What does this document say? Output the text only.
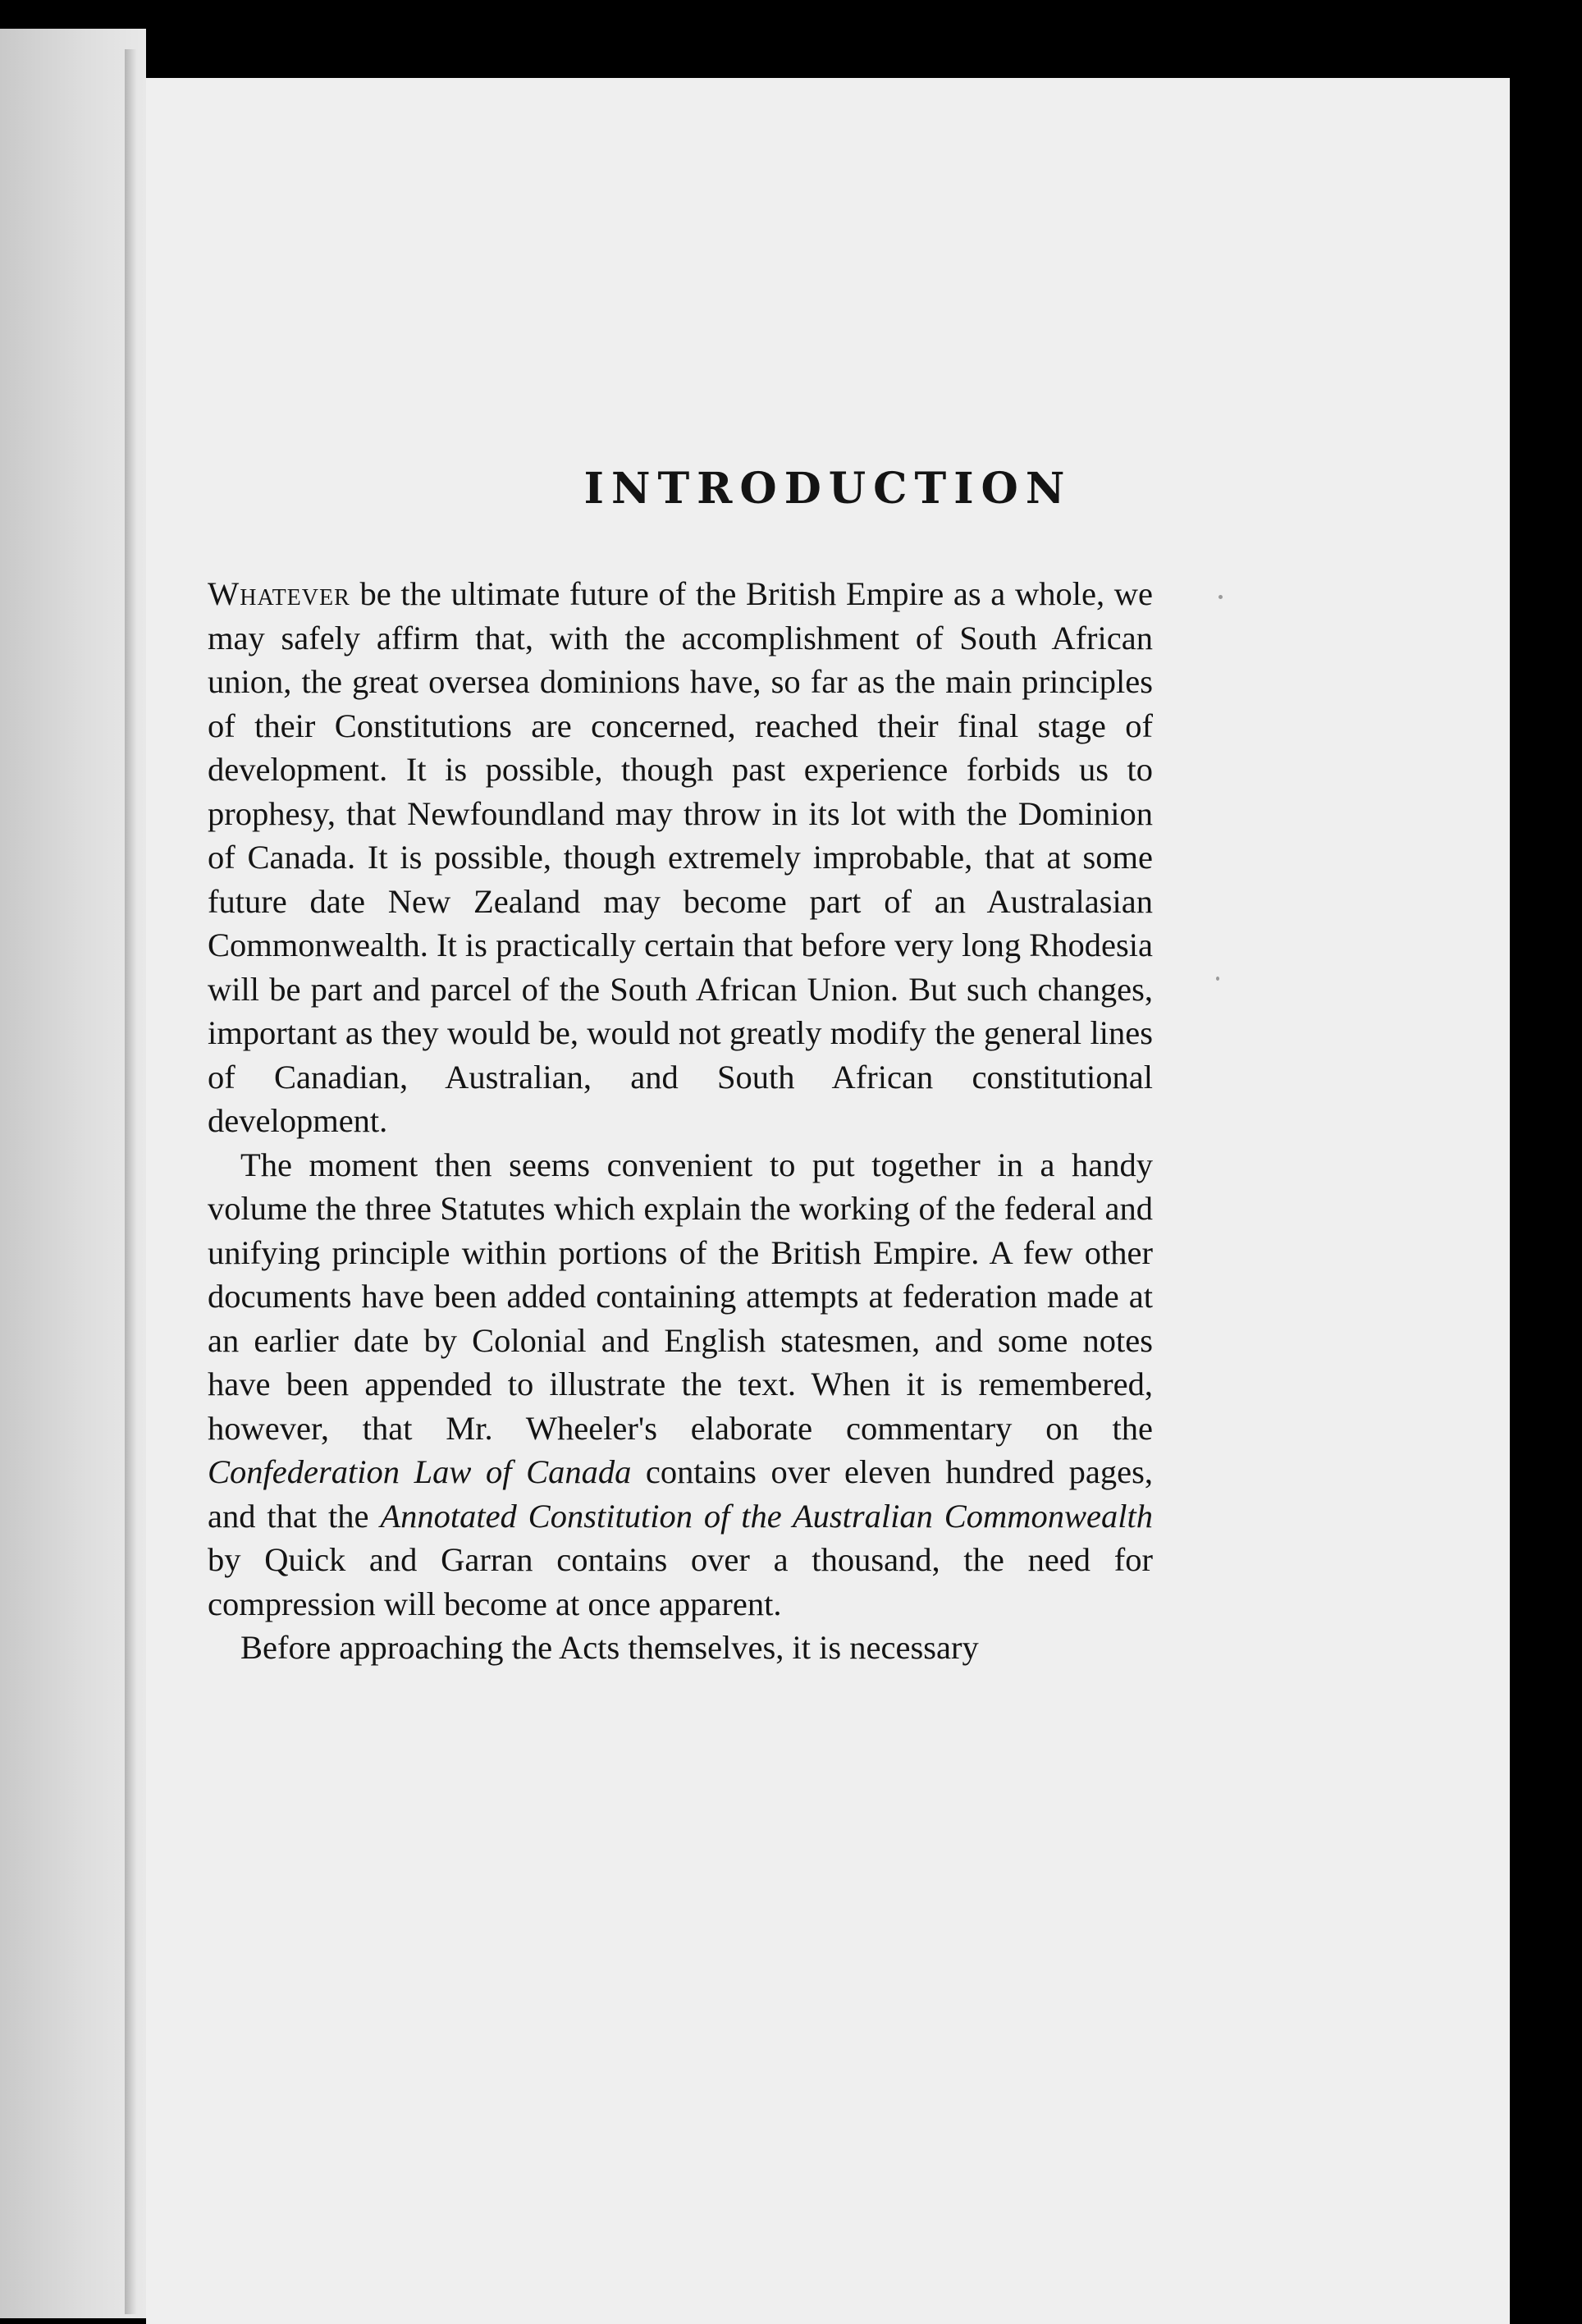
INTRODUCTION

Whatever be the ultimate future of the British Empire as a whole, we may safely affirm that, with the accomplishment of South African union, the great oversea dominions have, so far as the main principles of their Constitutions are concerned, reached their final stage of development. It is possible, though past experience forbids us to prophesy, that Newfoundland may throw in its lot with the Dominion of Canada. It is possible, though extremely improbable, that at some future date New Zealand may become part of an Australasian Commonwealth. It is practically certain that before very long Rhodesia will be part and parcel of the South African Union. But such changes, important as they would be, would not greatly modify the general lines of Canadian, Australian, and South African constitutional development.

The moment then seems convenient to put together in a handy volume the three Statutes which explain the working of the federal and unifying principle within portions of the British Empire. A few other documents have been added containing attempts at federation made at an earlier date by Colonial and English statesmen, and some notes have been appended to illustrate the text. When it is remembered, however, that Mr. Wheeler's elaborate commentary on the Confederation Law of Canada contains over eleven hundred pages, and that the Annotated Constitution of the Australian Commonwealth by Quick and Garran contains over a thousand, the need for compression will become at once apparent.

Before approaching the Acts themselves, it is necessary
